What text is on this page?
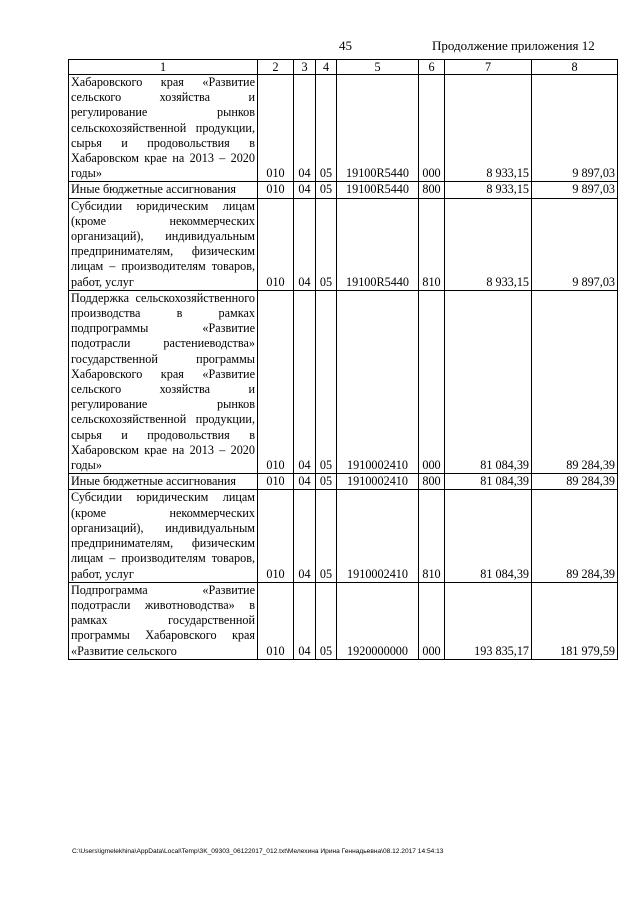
45	Продолжение приложения 12
1	2	3	4	5	6	7	8
Хабаровского края «Развитие сельского хозяйства и регулирование рынков сельскохозяйственной продукции, сырья и продовольствия в Хабаровском крае на 2013 – 2020 годы»	010	04	05	19100R5440	000	8 933,15	9 897,03
Иные бюджетные ассигнования	010	04	05	19100R5440	800	8 933,15	9 897,03
Субсидии юридическим лицам (кроме некоммерческих организаций), индивидуальным предпринимателям, физическим лицам – производителям товаров, работ, услуг	010	04	05	19100R5440	810	8 933,15	9 897,03
Поддержка сельскохозяйственного производства в рамках подпрограммы «Развитие подотрасли растениеводства» государственной программы Хабаровского края «Развитие сельского хозяйства и регулирование рынков сельскохозяйственной продукции, сырья и продовольствия в Хабаровском крае на 2013 – 2020 годы»	010	04	05	1910002410	000	81 084,39	89 284,39
Иные бюджетные ассигнования	010	04	05	1910002410	800	81 084,39	89 284,39
Субсидии юридическим лицам (кроме некоммерческих организаций), индивидуальным предпринимателям, физическим лицам – производителям товаров, работ, услуг	010	04	05	1910002410	810	81 084,39	89 284,39
Подпрограмма «Развитие подотрасли животноводства» в рамках государственной программы Хабаровского края «Развитие сельского	010	04	05	1920000000	000	193 835,17	181 979,59
C:\Users\igmelekhina\AppData\Local\Temp\3K_09303_06122017_012.txt\Мелехина Ирина Геннадьевна\08.12.2017 14:54:13
